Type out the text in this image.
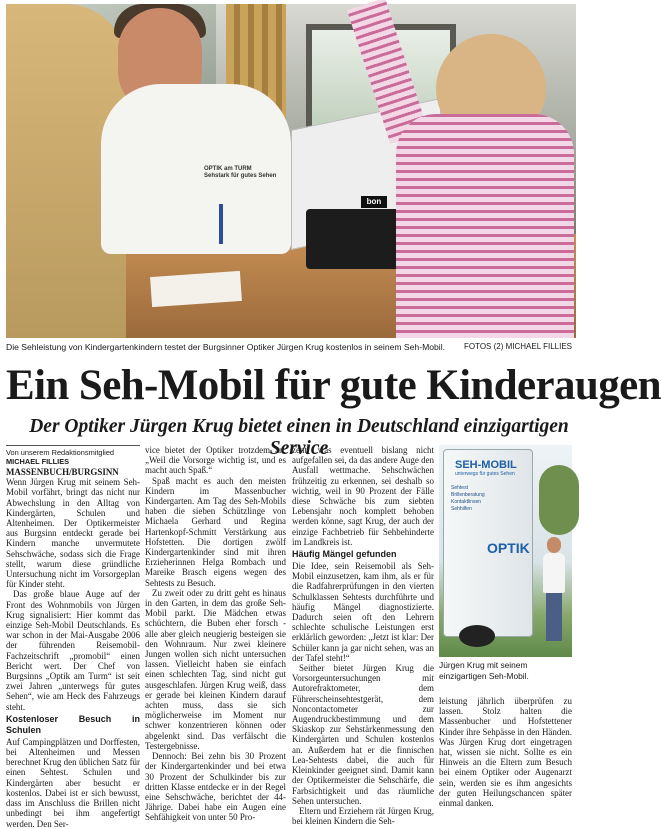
OPTIK am TURM
Sehstark für gutes Sehen
bon
Die Sehleistung von Kindergartenkindern testet der Burgsinner Optiker Jürgen Krug kostenlos in seinem Seh-Mobil. FOTOS (2) MICHAEL FILLIES
Ein Seh-Mobil für gute Kinderaugen
Der Optiker Jürgen Krug bietet einen in Deutschland einzigartigen Service
Von unserem Redaktionsmitglied
MICHAEL FILLIES

MASSENBUCH/BURGSINN Wenn Jürgen Krug mit seinem Seh-Mobil vorfährt, bringt das nicht nur Abwechslung in den Alltag von Kindergärten, Schulen und Altenheimen. Der Optikermeister aus Burgsinn entdeckt gerade bei Kindern manche unvermutete Sehschwäche, sodass sich die Frage stellt, warum diese gründliche Untersuchung nicht im Vorsorgeplan für Kinder steht.

Das große blaue Auge auf der Front des Wohnmobils von Jürgen Krug signalisiert: Hier kommt das einzige Seh-Mobil Deutschlands. Es war schon in der Mai-Ausgabe 2006 der führenden Reisemobil-Fachzeitschrift „promobil“ einen Bericht wert. Der Chef von Burgsinns „Optik am Turm“ ist seit zwei Jahren „unterwegs für gutes Sehen“, wie am Heck des Fahrzeugs steht.

Kostenloser Besuch in Schulen

Auf Campingplätzen und Dorffesten, bei Altenheimen und Messen berechnet Krug den üblichen Satz für einen Sehtest. Schulen und Kindergärten aber besucht er kostenlos. Dabei ist er sich bewusst, dass im Anschluss die Brillen nicht unbedingt bei ihm angefertigt werden. Den Ser-

vice bietet der Optiker trotzdem an: „Weil die Vorsorge wichtig ist, und es macht auch Spaß.“

Spaß macht es auch den meisten Kindern im Massenbucher Kindergarten. Am Tag des Seh-Mobils haben die sieben Schützlinge von Michaela Gerhard und Regina Hartenkopf-Schmitt Verstärkung aus Hofstetten. Die dortigen zwölf Kindergartenkinder sind mit ihren Erzieherinnen Helga Rombach und Mareike Brasch eigens wegen des Sehtests zu Besuch.

Zu zweit oder zu dritt geht es hinaus in den Garten, in dem das große Seh-Mobil parkt. Die Mädchen etwas schüchtern, die Buben eher forsch - alle aber gleich neugierig besteigen sie den Wohnraum. Nur zwei kleinere Jungen wollen sich nicht untersuchen lassen. Vielleicht haben sie einfach einen schlechten Tag, sind nicht gut ausgeschlafen. Jürgen Krug weiß, dass er gerade bei kleinen Kindern darauf achten muss, dass sie sich möglicherweise im Moment nur schwer konzentrieren können oder abgelenkt sind. Das verfälscht die Testergebnisse.

Dennoch: Bei zehn bis 30 Prozent der Kindergartenkinder und bei etwa 30 Prozent der Schulkinder bis zur dritten Klasse entdecke er in der Regel eine Sehschwäche, berichtet der 44-Jährige. Dabei habe ein Augen eine Sehfähigkeit von unter 50 Pro-

zent, was eventuell bislang nicht aufgefallen sei, da das andere Auge den Ausfall wettmache. Sehschwächen frühzeitig zu erkennen, sei deshalb so wichtig, weil in 90 Prozent der Fälle diese Schwäche bis zum siebten Lebensjahr noch komplett behoben werden könne, sagt Krug, der auch der einzige Fachbetrieb für Sehbehinderte im Landkreis ist.

Häufig Mängel gefunden

Die Idee, sein Reisemobil als Seh-Mobil einzusetzen, kam ihm, als er für die Radfahrerprüfungen in den vierten Schulklassen Sehtests durchführte und häufig Mängel diagnostizierte. Dadurch seien oft den Lehrern schlechte schulische Leistungen erst erklärlich geworden: „Jetzt ist klar: Der Schüler kann ja gar nicht sehen, was an der Tafel steht!“

Seither bietet Jürgen Krug die Vorsorgeuntersuchungen mit Autorefraktometer, dem Führerscheinsehtestgerät, dem Noncontactometer zur Augendruckbestimmung und dem Skiaskop zur Sehstärkenmessung den Kindergärten und Schulen kostenlos an. Außerdem hat er die finnischen Lea-Sehtests dabei, die auch für Kleinkinder geeignet sind. Damit kann der Optikermeister die Sehschärfe, die Farbsichtigkeit und das räumliche Sehen untersuchen.

Eltern und Erziehern rät Jürgen Krug, bei kleinen Kindern die Seh-

SEH-MOBIL
unterwegs für gutes Sehen
Sehtest
Brillenberatung
Kontaktlinsen
Sehhilfen
OPTIK
Jürgen Krug mit seinem einzigartigen Seh-Mobil.

leistung jährlich überprüfen zu lassen. Stolz halten die Massenbucher und Hofstettener Kinder ihre Sehpässe in den Händen. Was Jürgen Krug dort eingetragen hat, wissen sie nicht. Sollte es ein Hinweis an die Eltern zum Besuch bei einem Optiker oder Augenarzt sein, werden sie es ihm angesichts der guten Heilungschancen später einmal danken.
